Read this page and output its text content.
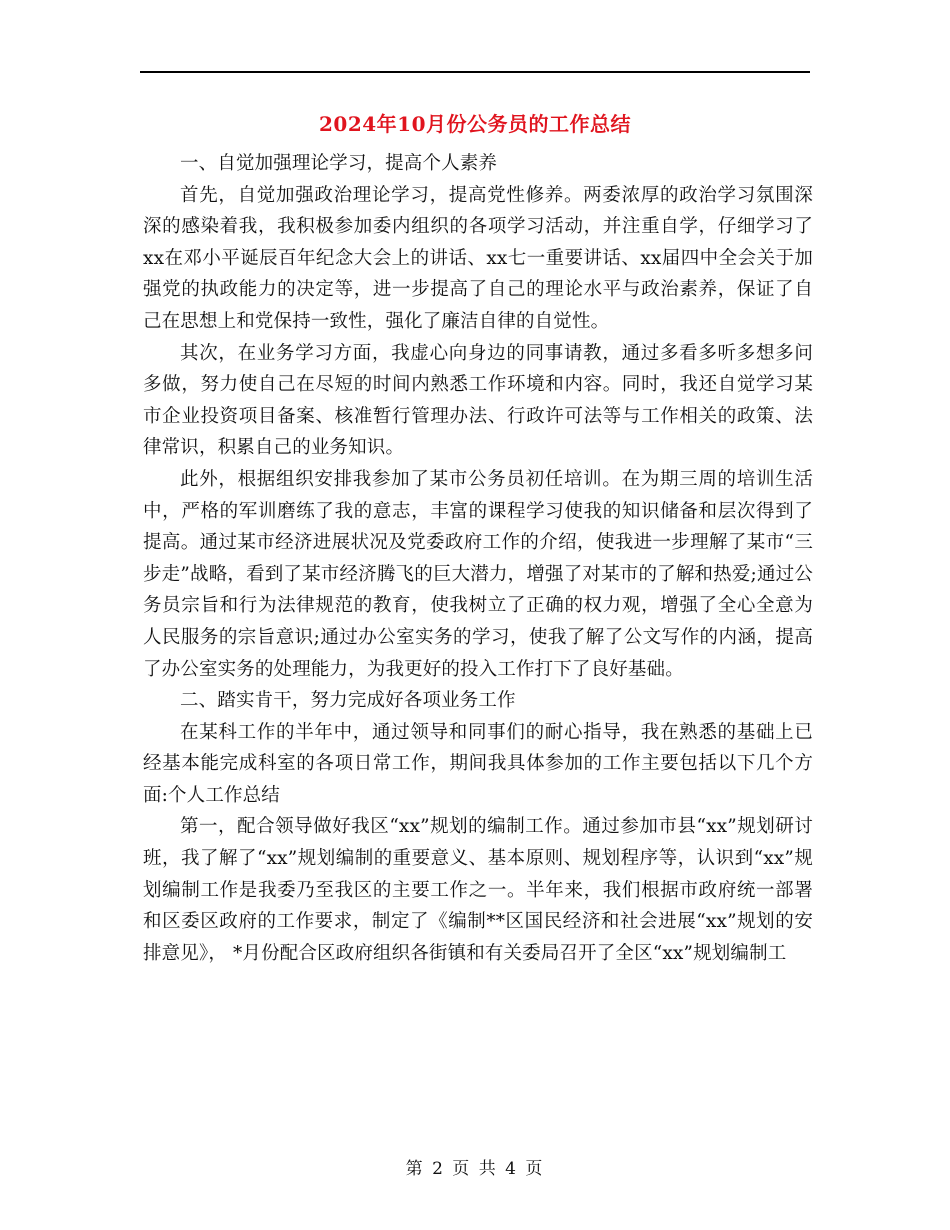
2024年10月份公务员的工作总结

一、自觉加强理论学习，提高个人素养

首先，自觉加强政治理论学习，提高党性修养。两委浓厚的政治学习氛围深深的感染着我，我积极参加委内组织的各项学习活动，并注重自学，仔细学习了xx在邓小平诞辰百年纪念大会上的讲话、xx七一重要讲话、xx届四中全会关于加强党的执政能力的决定等，进一步提高了自己的理论水平与政治素养，保证了自己在思想上和党保持一致性，强化了廉洁自律的自觉性。

其次，在业务学习方面，我虚心向身边的同事请教，通过多看多听多想多问多做，努力使自己在尽短的时间内熟悉工作环境和内容。同时，我还自觉学习某市企业投资项目备案、核准暂行管理办法、行政许可法等与工作相关的政策、法律常识，积累自己的业务知识。

此外，根据组织安排我参加了某市公务员初任培训。在为期三周的培训生活中，严格的军训磨练了我的意志，丰富的课程学习使我的知识储备和层次得到了提高。通过某市经济进展状况及党委政府工作的介绍，使我进一步理解了某市“三步走”战略，看到了某市经济腾飞的巨大潜力，增强了对某市的了解和热爱;通过公务员宗旨和行为法律规范的教育，使我树立了正确的权力观，增强了全心全意为人民服务的宗旨意识;通过办公室实务的学习，使我了解了公文写作的内涵，提高了办公室实务的处理能力，为我更好的投入工作打下了良好基础。

二、踏实肯干，努力完成好各项业务工作

在某科工作的半年中，通过领导和同事们的耐心指导，我在熟悉的基础上已经基本能完成科室的各项日常工作，期间我具体参加的工作主要包括以下几个方面:个人工作总结

第一，配合领导做好我区“xx”规划的编制工作。通过参加市县“xx”规划研讨班，我了解了“xx”规划编制的重要意义、基本原则、规划程序等，认识到“xx”规划编制工作是我委乃至我区的主要工作之一。半年来，我们根据市政府统一部署和区委区政府的工作要求，制定了《编制**区国民经济和社会进展“xx”规划的安排意见》， *月份配合区政府组织各街镇和有关委局召开了全区“xx”规划编制工

第 2 页 共 4 页
